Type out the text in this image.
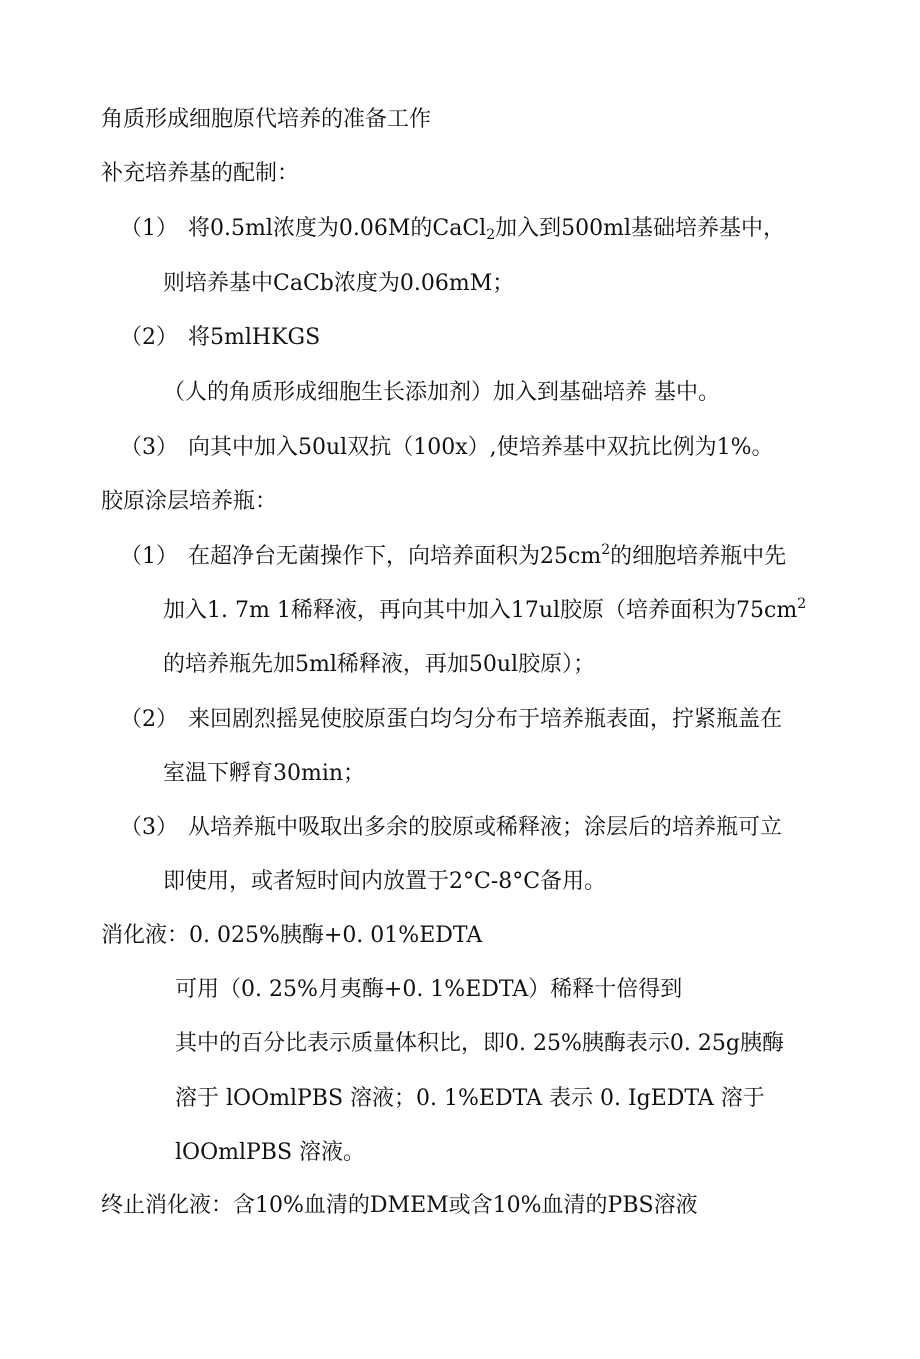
角质形成细胞原代培养的准备工作
补充培养基的配制：
（1） 将0.5ml浓度为0.06M的CaCl$_2$加入到500ml基础培养基中，
则培养基中CaCb浓度为0.06mM；
（2） 将5mlHKGS
（人的角质形成细胞生长添加剂）加入到基础培养 基中。
（3） 向其中加入50ul双抗（100x）,使培养基中双抗比例为1%。
胶原涂层培养瓶：
（1） 在超净台无菌操作下，向培养面积为$25cm^2$的细胞培养瓶中先
加入1. 7m 1稀释液，再向其中加入17ul胶原（培养面积为$75cm^2$
的培养瓶先加5ml稀释液，再加50ul胶原）；
（2） 来回剧烈摇晃使胶原蛋白均匀分布于培养瓶表面，拧紧瓶盖在
室温下孵育30min；
（3） 从培养瓶中吸取出多余的胶原或稀释液；涂层后的培养瓶可立
即使用，或者短时间内放置于2°C-8°C备用。
消化液：0. 025%胰酶+0. 01%EDTA
可用（0. 25%月夷酶+0. 1%EDTA）稀释十倍得到
其中的百分比表示质量体积比，即0. 25%胰酶表示0. 25g胰酶
溶于 lOOmlPBS 溶液；0. 1%EDTA 表示 0. IgEDTA 溶于
lOOmlPBS 溶液。
终止消化液：含10%血清的DMEM或含10%血清的PBS溶液
